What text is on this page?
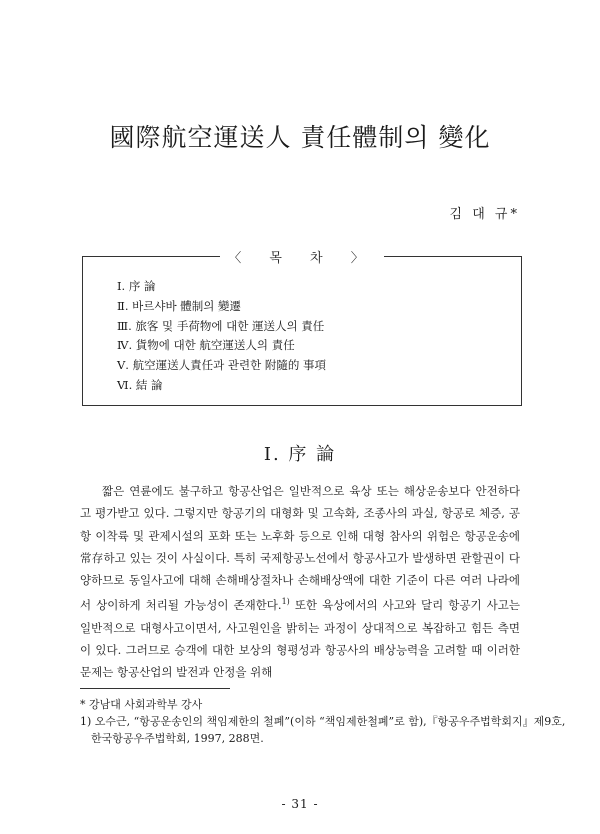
國際航空運送人 責任體制의 變化
김 대 규*
〈 목 차 〉
Ⅰ. 序 論
Ⅱ. 바르샤바 體制의 變遷
Ⅲ. 旅客 및 手荷物에 대한 運送人의 責任
Ⅳ. 貨物에 대한 航空運送人의 責任
Ⅴ. 航空運送人責任과 관련한 附隨的 事項
Ⅵ. 結 論
Ⅰ. 序 論

짧은 연륜에도 불구하고 항공산업은 일반적으로 육상 또는 해상운송보다 안전하다고 평가받고 있다. 그렇지만 항공기의 대형화 및 고속화, 조종사의 과실, 항공로 체증, 공항 이착륙 및 관제시설의 포화 또는 노후화 등으로 인해 대형 참사의 위험은 항공운송에 常存하고 있는 것이 사실이다. 특히 국제항공노선에서 항공사고가 발생하면 관할권이 다양하므로 동일사고에 대해 손해배상절차나 손해배상액에 대한 기준이 다른 여러 나라에서 상이하게 처리될 가능성이 존재한다.$^{1)}$ 또한 육상에서의 사고와 달리 항공기 사고는 일반적으로 대형사고이면서, 사고원인을 밝히는 과정이 상대적으로 복잡하고 힘든 측면이 있다. 그러므로 승객에 대한 보상의 형평성과 항공사의 배상능력을 고려할 때 이러한 문제는 항공산업의 발전과 안정을 위해

* 강남대 사회과학부 강사
1) 오수근, “항공운송인의 책임제한의 철폐”(이하 “책임제한철폐”로 함),『항공우주법학회지』제9호,
한국항공우주법학회, 1997, 288면.
- 31 -
